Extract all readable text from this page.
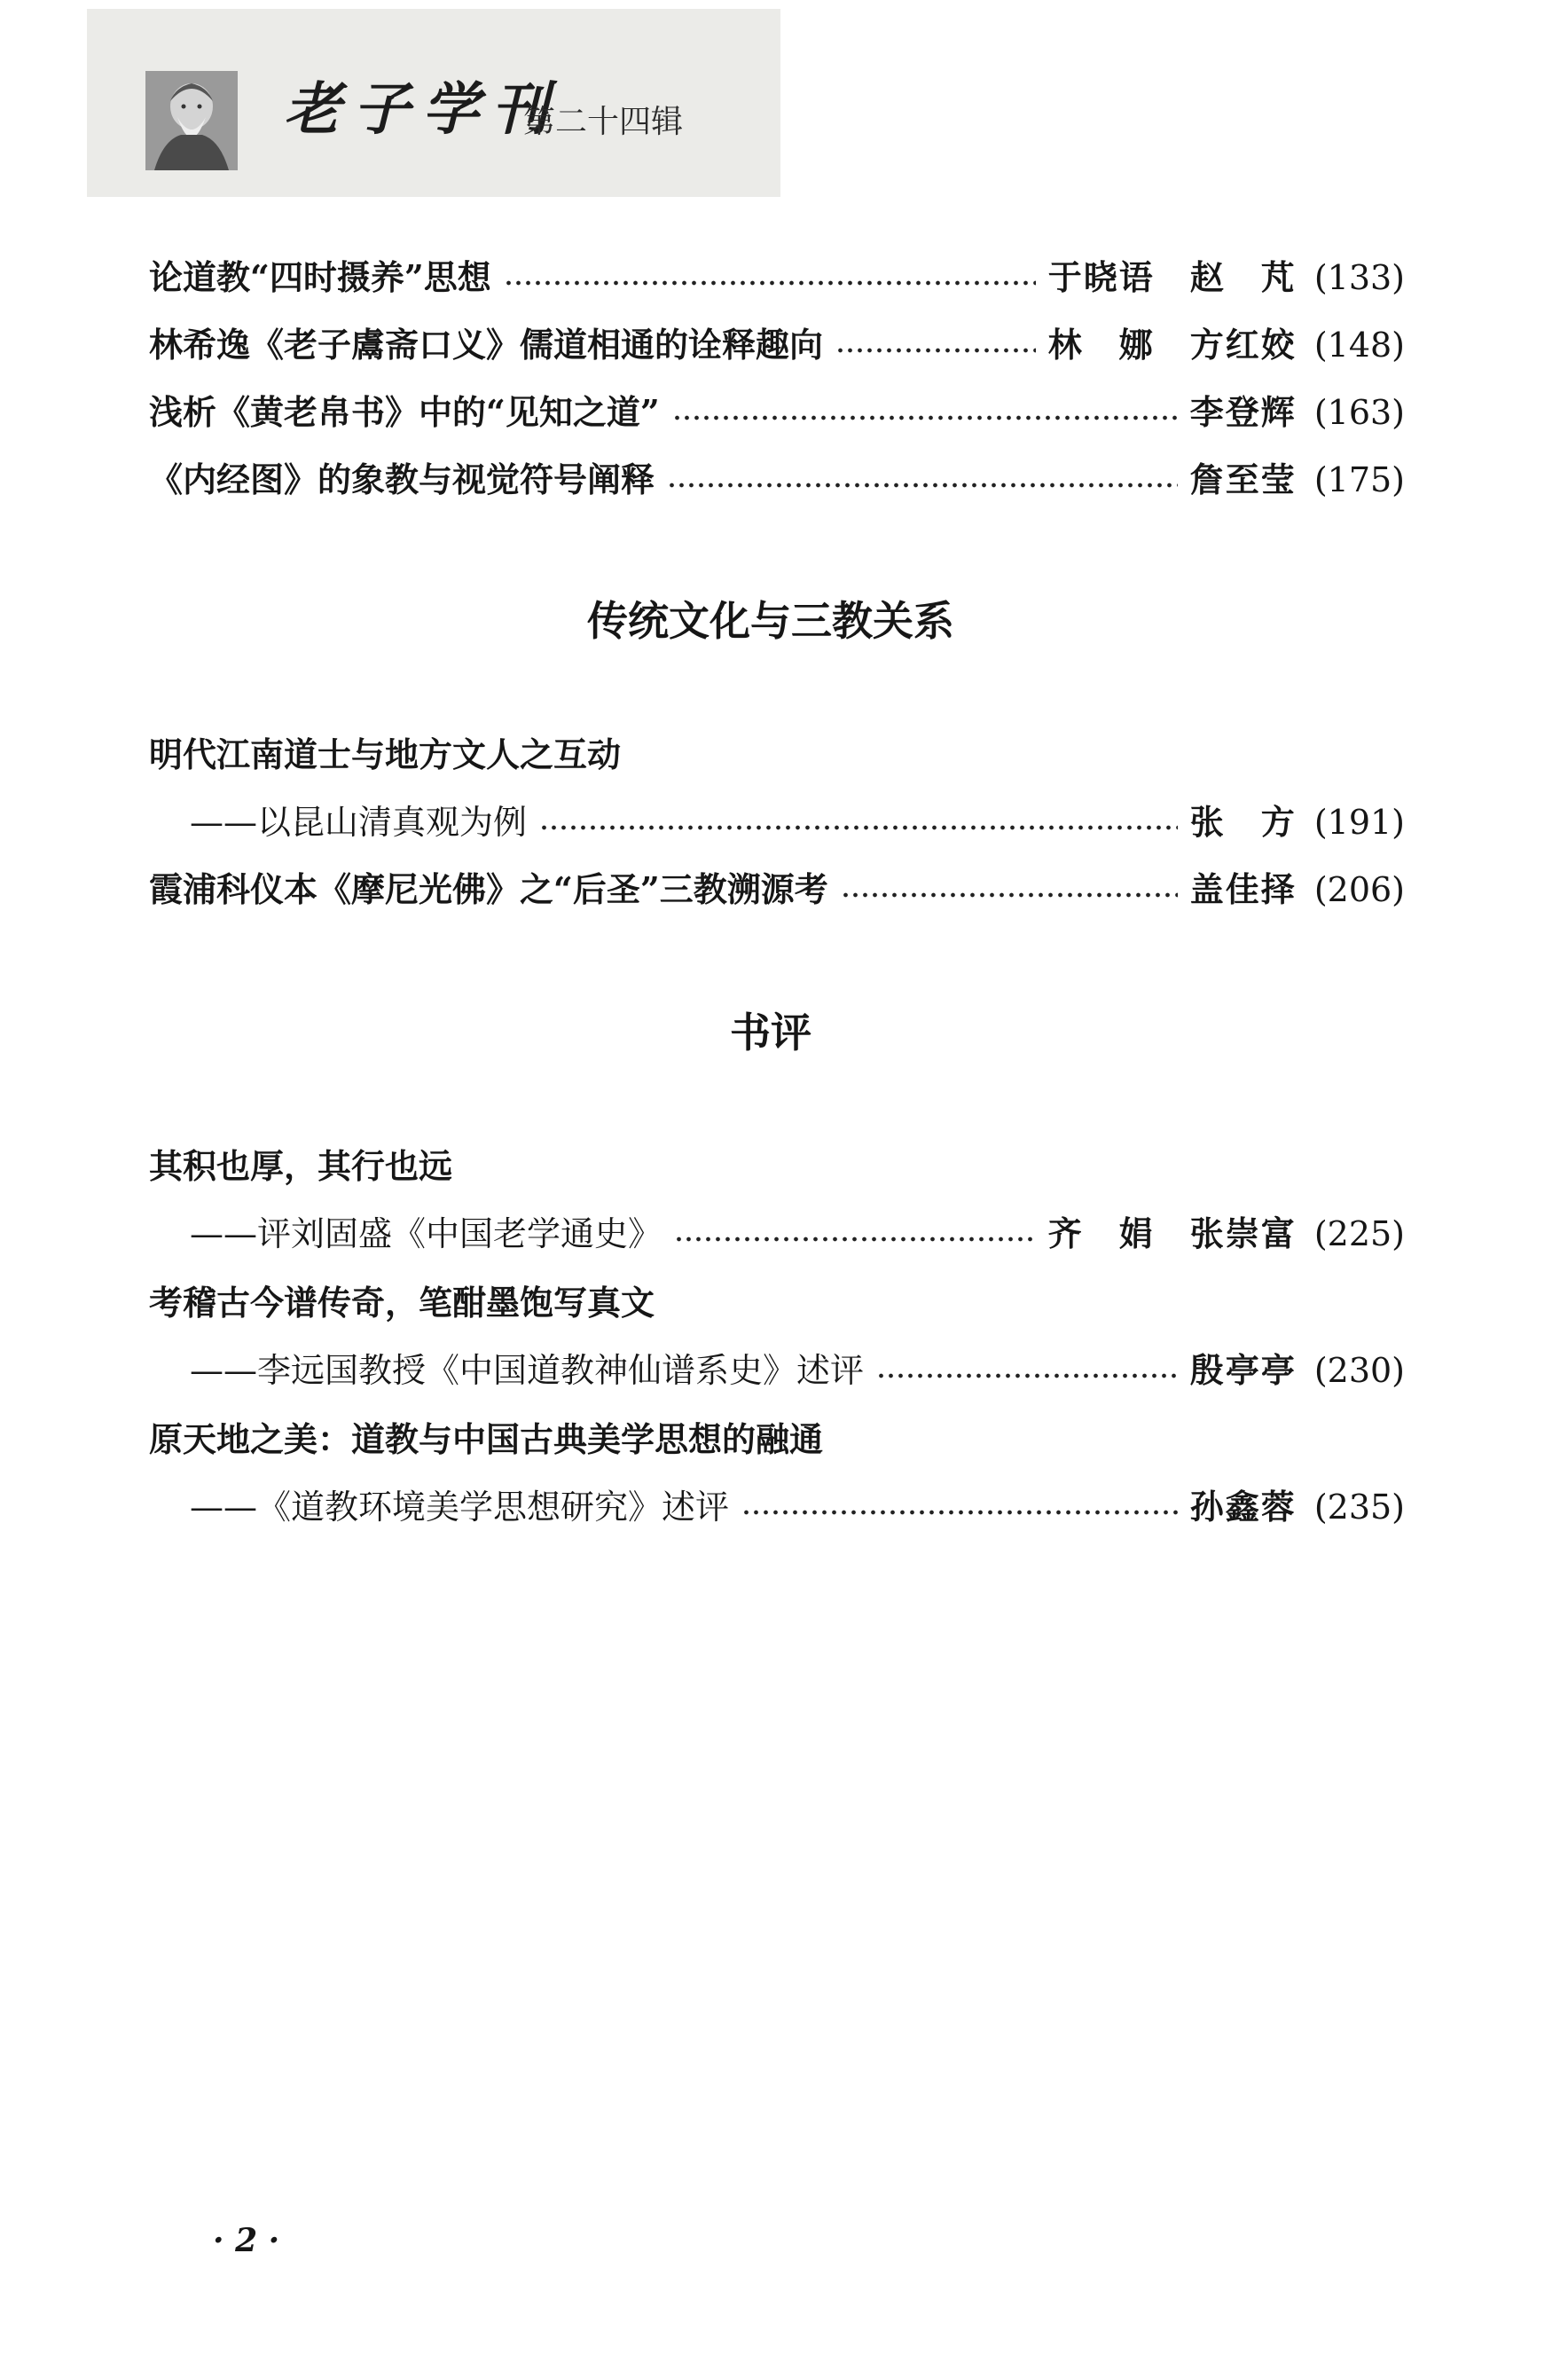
老子学刊
第二十四辑
论道教“四时摄养”思想	于晓语　赵　芃 (133)
林希逸《老子鬳斋口义》儒道相通的诠释趣向	林　娜　方红姣 (148)
浅析《黄老帛书》中的“见知之道”	李登辉 (163)
《内经图》的象教与视觉符号阐释	詹至莹 (175)
传统文化与三教关系
明代江南道士与地方文人之互动
——以昆山清真观为例	张　方 (191)
霞浦科仪本《摩尼光佛》之“后圣”三教溯源考	盖佳择 (206)
书评
其积也厚，其行也远
——评刘固盛《中国老学通史》	齐　娟　张崇富 (225)
考稽古今谱传奇，笔酣墨饱写真文
——李远国教授《中国道教神仙谱系史》述评	殷亭亭 (230)
原天地之美：道教与中国古典美学思想的融通
——《道教环境美学思想研究》述评	孙鑫蓉 (235)
· 2 ·
